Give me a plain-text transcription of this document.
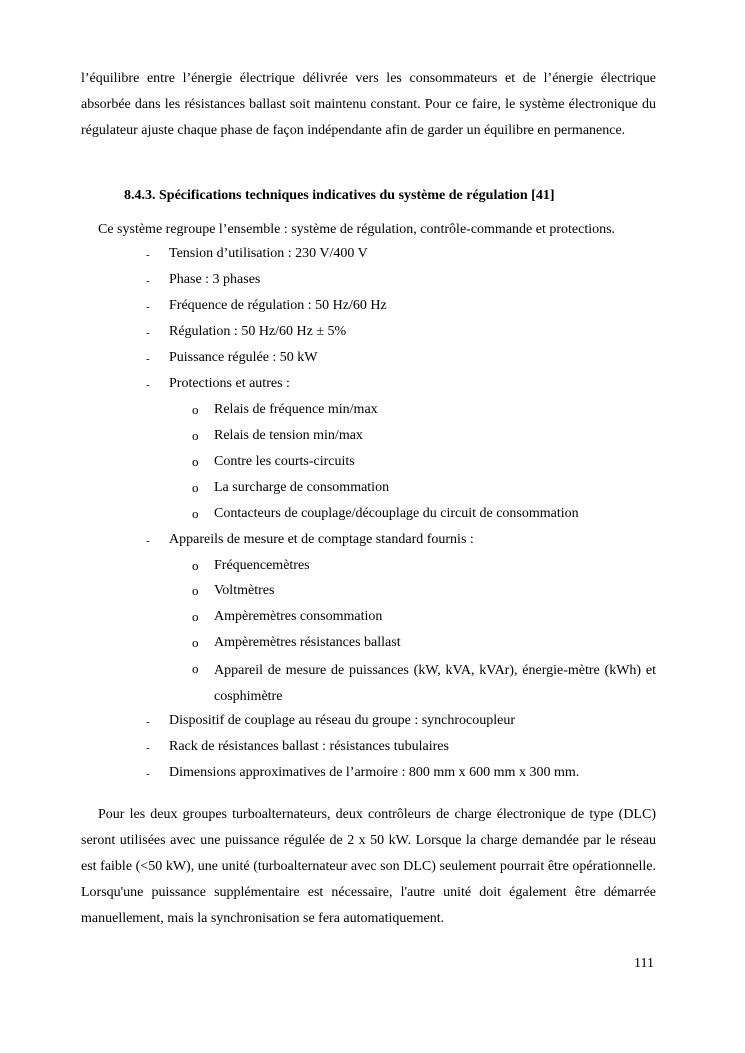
l’équilibre entre l’énergie électrique délivrée vers les consommateurs et de l’énergie électrique absorbée dans les résistances ballast soit maintenu constant. Pour ce faire, le système électronique du régulateur ajuste chaque phase de façon indépendante afin de garder un équilibre en permanence.

8.4.3. Spécifications techniques indicatives du système de régulation [41]

Ce système regroupe l’ensemble : système de régulation, contrôle-commande et protections.

- Tension d’utilisation : 230 V/400 V
- Phase : 3 phases
- Fréquence de régulation : 50 Hz/60 Hz
- Régulation : 50 Hz/60 Hz ± 5%
- Puissance régulée : 50 kW
- Protections et autres :
o Relais de fréquence min/max
o Relais de tension min/max
o Contre les courts-circuits
o La surcharge de consommation
o Contacteurs de couplage/découplage du circuit de consommation
- Appareils de mesure et de comptage standard fournis :
o Fréquencemètres
o Voltmètres
o Ampèremètres consommation
o Ampèremètres résistances ballast
o Appareil de mesure de puissances (kW, kVA, kVAr), énergie-mètre (kWh) et cosphimètre
- Dispositif de couplage au réseau du groupe : synchrocoupleur
- Rack de résistances ballast : résistances tubulaires
- Dimensions approximatives de l’armoire : 800 mm x 600 mm x 300 mm.

Pour les deux groupes turboalternateurs, deux contrôleurs de charge électronique de type (DLC) seront utilisées avec une puissance régulée de 2 x 50 kW. Lorsque la charge demandée par le réseau est faible (<50 kW), une unité (turboalternateur avec son DLC) seulement pourrait être opérationnelle. Lorsqu'une puissance supplémentaire est nécessaire, l'autre unité doit également être démarrée manuellement, mais la synchronisation se fera automatiquement.

111
